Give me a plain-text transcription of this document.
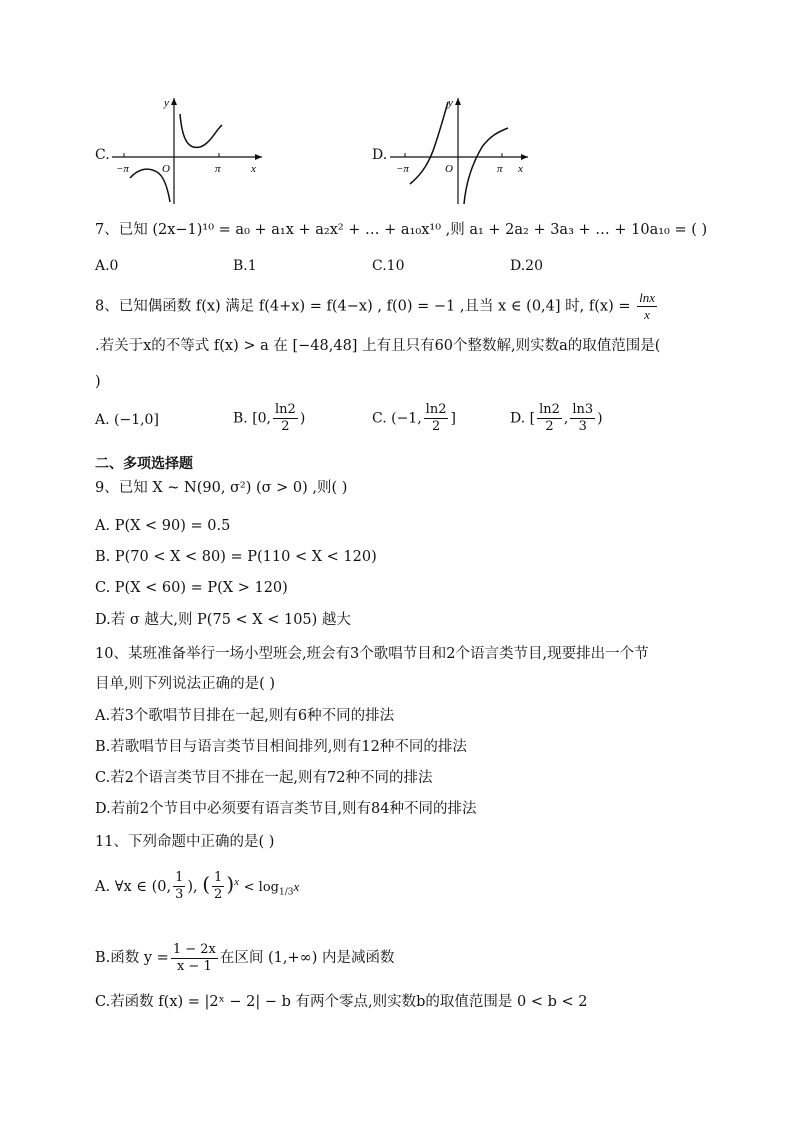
C.
y
x
O
−π	π
D.
y
x
O
−π	π
7、已知 (2x−1)¹⁰ = a₀ + a₁x + a₂x² + … + a₁₀x¹⁰ ,则 a₁ + 2a₂ + 3a₃ + … + 10a₁₀ = ( )
A.0	B.1	C.10	D.20
8、已知偶函数 f(x) 满足 f(4+x) = f(4−x) , f(0) = −1 ,且当 x ∈ (0,4] 时, $f(x) = \frac{\ln x}{x}$
.若关于x的不等式 f(x) > a 在 [−48,48] 上有且只有60个整数解,则实数a的取值范围是(
)
A. (−1,0]	B. [0, $\frac{\ln 2}{2}$ )	C. (−1, $\frac{\ln 2}{2}$ ]	D. [ $\frac{\ln 2}{2}$ , $\frac{\ln 3}{3}$ )
二、多项选择题
9、已知 X ~ N(90, σ²) (σ > 0) ,则( )
A. P(X < 90) = 0.5
B. P(70 < X < 80) = P(110 < X < 120)
C. P(X < 60) = P(X > 120)
D.若 σ 越大,则 P(75 < X < 105) 越大
10、某班准备举行一场小型班会,班会有3个歌唱节目和2个语言类节目,现要排出一个节
目单,则下列说法正确的是( )
A.若3个歌唱节目排在一起,则有6种不同的排法
B.若歌唱节目与语言类节目相间排列,则有12种不同的排法
C.若2个语言类节目不排在一起,则有72种不同的排法
D.若前2个节目中必须要有语言类节目,则有84种不同的排法
11、下列命题中正确的是( )
A. ∀x ∈ (0, $\frac{1}{3}$ ), ( $\frac{1}{2} )^x < \log_{1/3}x$
B.函数 $y = \frac{1 - 2x}{x - 1}$ 在区间 (1,+∞) 内是减函数
C.若函数 f(x) = |2ˣ − 2| − b 有两个零点,则实数b的取值范围是 0 < b < 2
